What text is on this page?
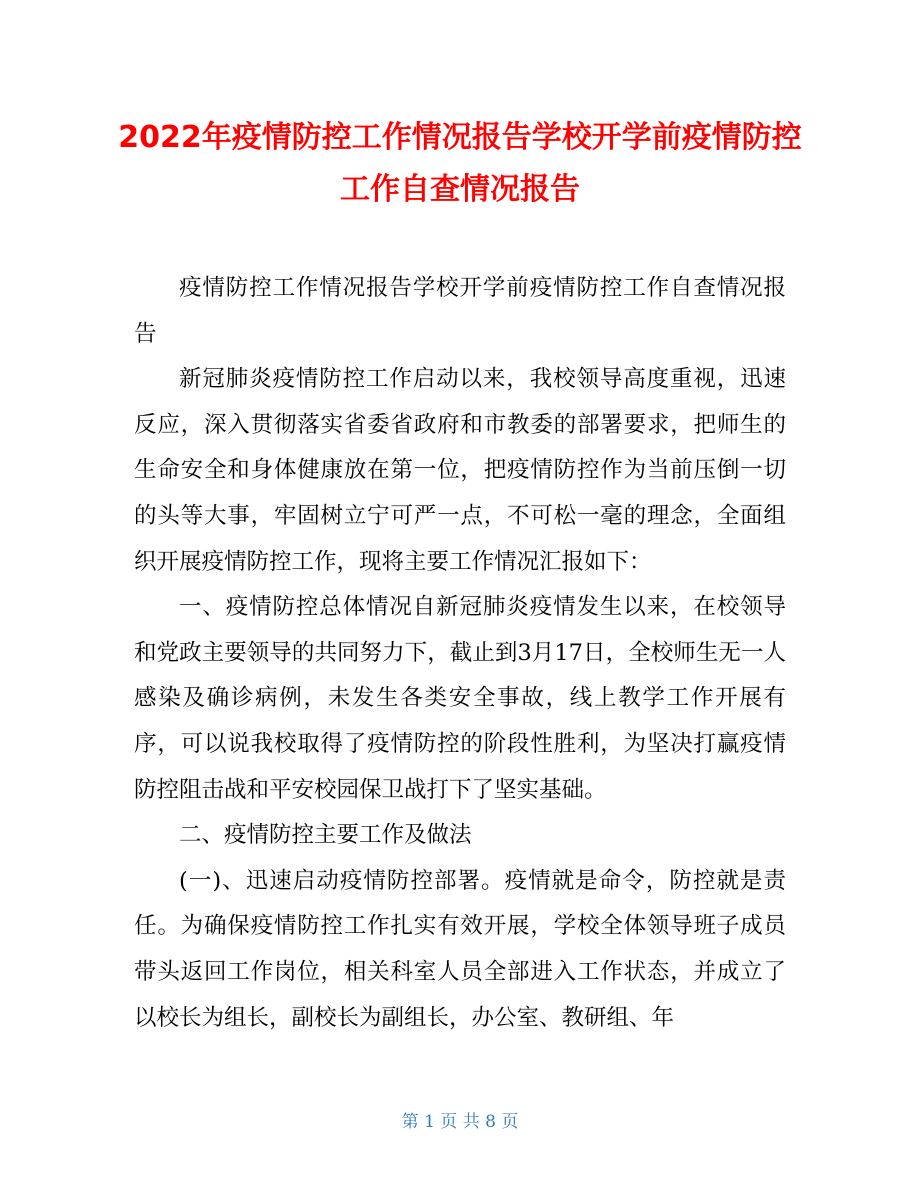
2022年疫情防控工作情况报告学校开学前疫情防控工作自查情况报告

疫情防控工作情况报告学校开学前疫情防控工作自查情况报告

新冠肺炎疫情防控工作启动以来，我校领导高度重视，迅速反应，深入贯彻落实省委省政府和市教委的部署要求，把师生的生命安全和身体健康放在第一位，把疫情防控作为当前压倒一切的头等大事，牢固树立宁可严一点，不可松一毫的理念，全面组织开展疫情防控工作，现将主要工作情况汇报如下：

一、疫情防控总体情况自新冠肺炎疫情发生以来，在校领导和党政主要领导的共同努力下，截止到3月17日，全校师生无一人感染及确诊病例，未发生各类安全事故，线上教学工作开展有序，可以说我校取得了疫情防控的阶段性胜利，为坚决打赢疫情防控阻击战和平安校园保卫战打下了坚实基础。

二、疫情防控主要工作及做法

(一)、迅速启动疫情防控部署。疫情就是命令，防控就是责任。为确保疫情防控工作扎实有效开展，学校全体领导班子成员带头返回工作岗位，相关科室人员全部进入工作状态，并成立了以校长为组长，副校长为副组长，办公室、教研组、年

第 1 页 共 8 页
